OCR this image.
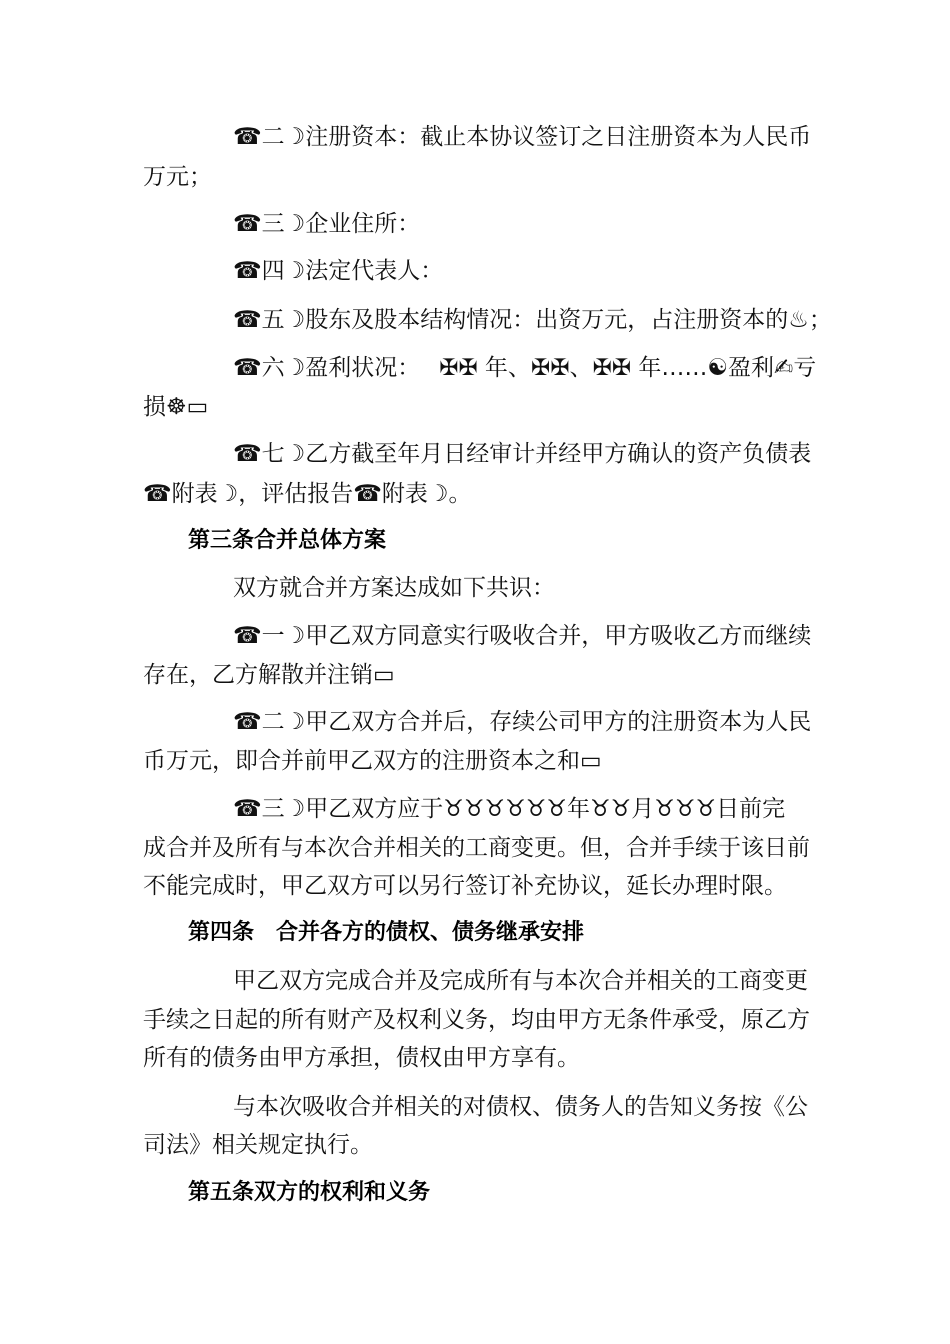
☎二☽注册资本：截止本协议签订之日注册资本为人民币
万元；
☎三☽企业住所：
☎四☽法定代表人：
☎五☽股东及股本结构情况：出资万元，占注册资本的♨；
☎六☽盈利状况：　 ✠✠ 年、✠✠、✠✠ 年……☯盈利✍亏
损☸▭
☎七☽乙方截至年月日经审计并经甲方确认的资产负债表
☎附表☽，评估报告☎附表☽。
第三条合并总体方案
双方就合并方案达成如下共识：
☎一☽甲乙双方同意实行吸收合并，甲方吸收乙方而继续
存在，乙方解散并注销▭
☎二☽甲乙双方合并后，存续公司甲方的注册资本为人民
币万元，即合并前甲乙双方的注册资本之和▭
☎三☽甲乙双方应于♉♉♉♉♉♉年♉♉月♉♉♉日前完
成合并及所有与本次合并相关的工商变更。但，合并手续于该日前
不能完成时，甲乙双方可以另行签订补充协议，延长办理时限。
第四条　合并各方的债权、债务继承安排
甲乙双方完成合并及完成所有与本次合并相关的工商变更
手续之日起的所有财产及权利义务，均由甲方无条件承受，原乙方
所有的债务由甲方承担，债权由甲方享有。
与本次吸收合并相关的对债权、债务人的告知义务按《公
司法》相关规定执行。
第五条双方的权利和义务
